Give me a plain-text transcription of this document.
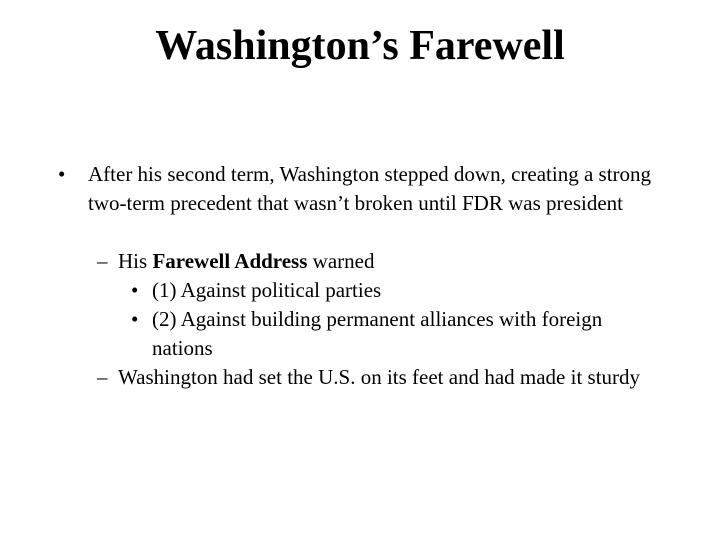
Washington’s Farewell
• After his second term, Washington stepped down, creating a strong two-term precedent that wasn’t broken until FDR was president
– His Farewell Address warned
• (1) Against political parties
• (2) Against building permanent alliances with foreign nations
– Washington had set the U.S. on its feet and had made it sturdy
